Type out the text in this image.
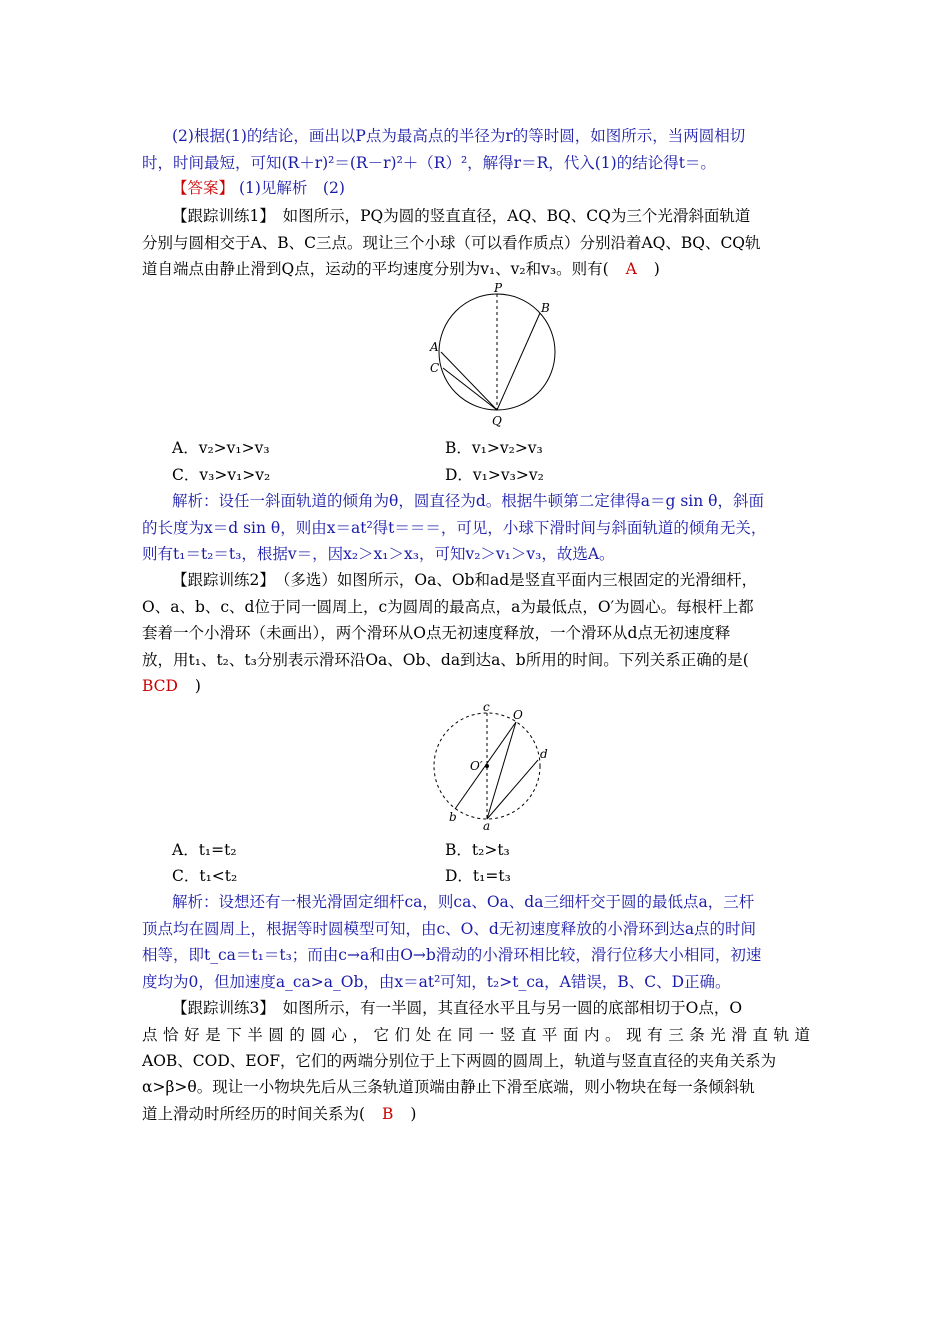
(2)根据(1)的结论，画出以P点为最高点的半径为r的等时圆，如图所示，当两圆相切
时，时间最短，可知(R＋r)²＝(R－r)²＋（R）²，解得r＝R，代入(1)的结论得t＝。
【答案】 (1)见解析　(2)
【跟踪训练1】　如图所示，PQ为圆的竖直直径，AQ、BQ、CQ为三个光滑斜面轨道
分别与圆相交于A、B、C三点。现让三个小球（可以看作质点）分别沿着AQ、BQ、CQ轨
道自端点由静止滑到Q点，运动的平均速度分别为v₁、v₂和v₃。则有( A )
P
B
A
C
Q
A．v₂>v₁>v₃	B．v₁>v₂>v₃
C．v₃>v₁>v₂	D．v₁>v₃>v₂
解析：设任一斜面轨道的倾角为θ，圆直径为d。根据牛顿第二定律得a＝g sin θ，斜面
的长度为x＝d sin θ，则由x＝at²得t＝＝＝，可见，小球下滑时间与斜面轨道的倾角无关，
则有t₁＝t₂＝t₃，根据v＝，因x₂＞x₁＞x₃，可知v₂＞v₁＞v₃，故选A。
【跟踪训练2】　（多选）如图所示，Oa、Ob和ad是竖直平面内三根固定的光滑细杆，
O、a、b、c、d位于同一圆周上，c为圆周的最高点，a为最低点，O′为圆心。每根杆上都
套着一个小滑环（未画出），两个滑环从O点无初速度释放，一个滑环从d点无初速度释
放，用t₁、t₂、t₃分别表示滑环沿Oa、Ob、da到达a、b所用的时间。下列关系正确的是(
BCD )
c
O
O′
d
b
a
A．t₁=t₂	B．t₂>t₃
C．t₁<t₂	D．t₁=t₃
解析：设想还有一根光滑固定细杆ca，则ca、Oa、da三细杆交于圆的最低点a，三杆
顶点均在圆周上，根据等时圆模型可知，由c、O、d无初速度释放的小滑环到达a点的时间
相等，即t_ca＝t₁＝t₃；而由c→a和由O→b滑动的小滑环相比较，滑行位移大小相同，初速
度均为0，但加速度a_ca>a_Ob，由x＝at²可知，t₂>t_ca，A错误，B、C、D正确。
【跟踪训练3】　如图所示，有一半圆，其直径水平且与另一圆的底部相切于O点，O
点恰好是下半圆的圆心，它们处在同一竖直平面内。现有三条光滑直轨道
AOB、COD、EOF，它们的两端分别位于上下两圆的圆周上，轨道与竖直直径的夹角关系为
α>β>θ。现让一小物块先后从三条轨道顶端由静止下滑至底端，则小物块在每一条倾斜轨
道上滑动时所经历的时间关系为( B )
